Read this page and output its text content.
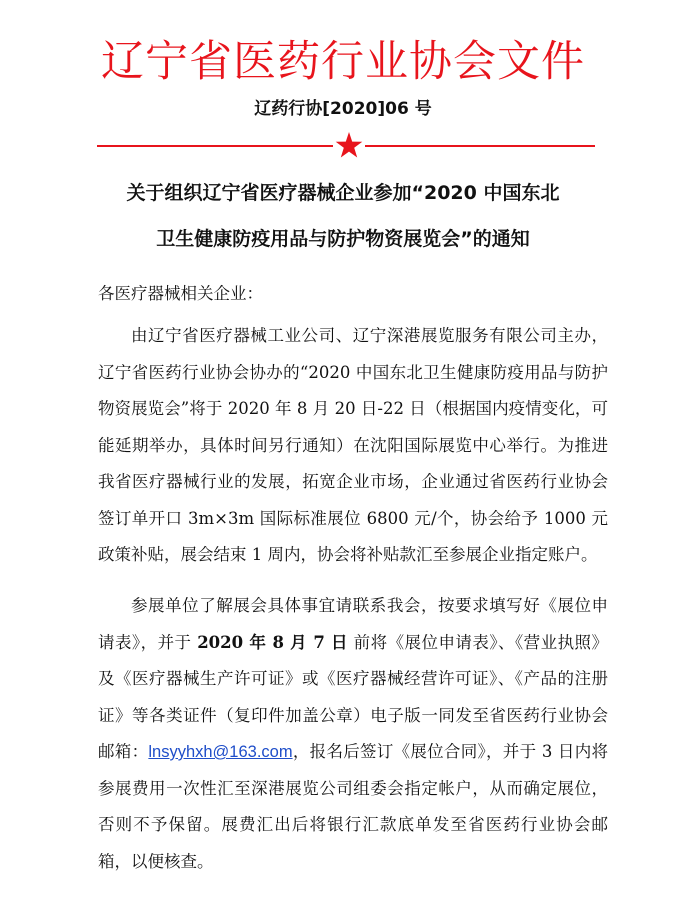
辽宁省医药行业协会文件
辽药行协[2020]06 号
关于组织辽宁省医疗器械企业参加“2020 中国东北
卫生健康防疫用品与防护物资展览会”的通知
各医疗器械相关企业：
由辽宁省医疗器械工业公司、辽宁深港展览服务有限公司主办，辽宁省医药行业协会协办的“2020 中国东北卫生健康防疫用品与防护物资展览会”将于 2020 年 8 月 20 日-22 日（根据国内疫情变化，可能延期举办，具体时间另行通知）在沈阳国际展览中心举行。为推进我省医疗器械行业的发展，拓宽企业市场，企业通过省医药行业协会签订单开口 3m×3m 国际标准展位 6800 元/个，协会给予 1000 元政策补贴，展会结束 1 周内，协会将补贴款汇至参展企业指定账户。
参展单位了解展会具体事宜请联系我会，按要求填写好《展位申请表》，并于 2020 年 8 月 7 日 前将《展位申请表》、《营业执照》及《医疗器械生产许可证》或《医疗器械经营许可证》、《产品的注册证》等各类证件（复印件加盖公章）电子版一同发至省医药行业协会邮箱：lnsyyhxh@163.com，报名后签订《展位合同》，并于 3 日内将参展费用一次性汇至深港展览公司组委会指定帐户，从而确定展位，否则不予保留。展费汇出后将银行汇款底单发至省医药行业协会邮箱，以便核查。
